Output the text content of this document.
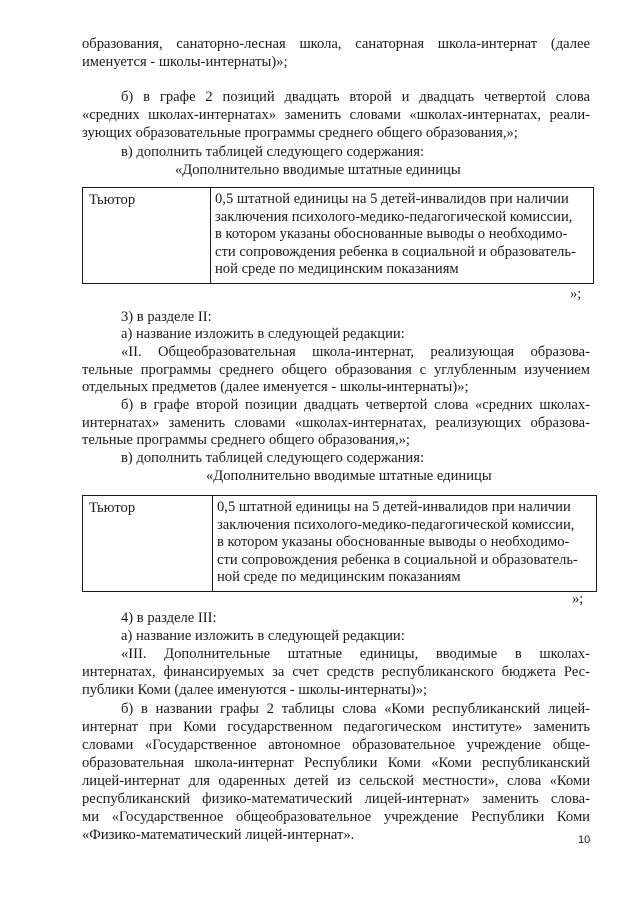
образования, санаторно-лесная школа, санаторная школа-интернат (далее

именуется - школы-интернаты)»;

б) в графе 2 позиций двадцать второй и двадцать четвертой слова

«средних школах-интернатах» заменить словами «школах-интернатах, реали-

зующих образовательные программы среднего общего образования,»;

в) дополнить таблицей следующего содержания:

«Дополнительно вводимые штатные единицы

Тьютор	0,5 штатной единицы на 5 детей-инвалидов при наличии
заключения психолого-медико-педагогической комиссии,
в котором указаны обоснованные выводы о необходимо-
сти сопровождения ребенка в социальной и образователь-
ной среде по медицинским показаниям

»;

3) в разделе II:

а) название изложить в следующей редакции:

«II. Общеобразовательная школа-интернат, реализующая образова-

тельные программы среднего общего образования с углубленным изучением

отдельных предметов (далее именуется - школы-интернаты)»;

б) в графе второй позиции двадцать четвертой слова «средних школах-

интернатах» заменить словами «школах-интернатах, реализующих образова-

тельные программы среднего общего образования,»;

в) дополнить таблицей следующего содержания:

«Дополнительно вводимые штатные единицы

Тьютор	0,5 штатной единицы на 5 детей-инвалидов при наличии
заключения психолого-медико-педагогической комиссии,
в котором указаны обоснованные выводы о необходимо-
сти сопровождения ребенка в социальной и образователь-
ной среде по медицинским показаниям

»;

4) в разделе III:

а) название изложить в следующей редакции:

«III. Дополнительные штатные единицы, вводимые в школах-

интернатах, финансируемых за счет средств республиканского бюджета Рес-

публики Коми (далее именуются - школы-интернаты)»;

б) в названии графы 2 таблицы слова «Коми республиканский лицей-

интернат при Коми государственном педагогическом институте» заменить

словами «Государственное автономное образовательное учреждение обще-

образовательная школа-интернат Республики Коми «Коми республиканский

лицей-интернат для одаренных детей из сельской местности», слова «Коми

республиканский физико-математический лицей-интернат» заменить слова-

ми «Государственное общеобразовательное учреждение Республики Коми

«Физико-математический лицей-интернат».	10
